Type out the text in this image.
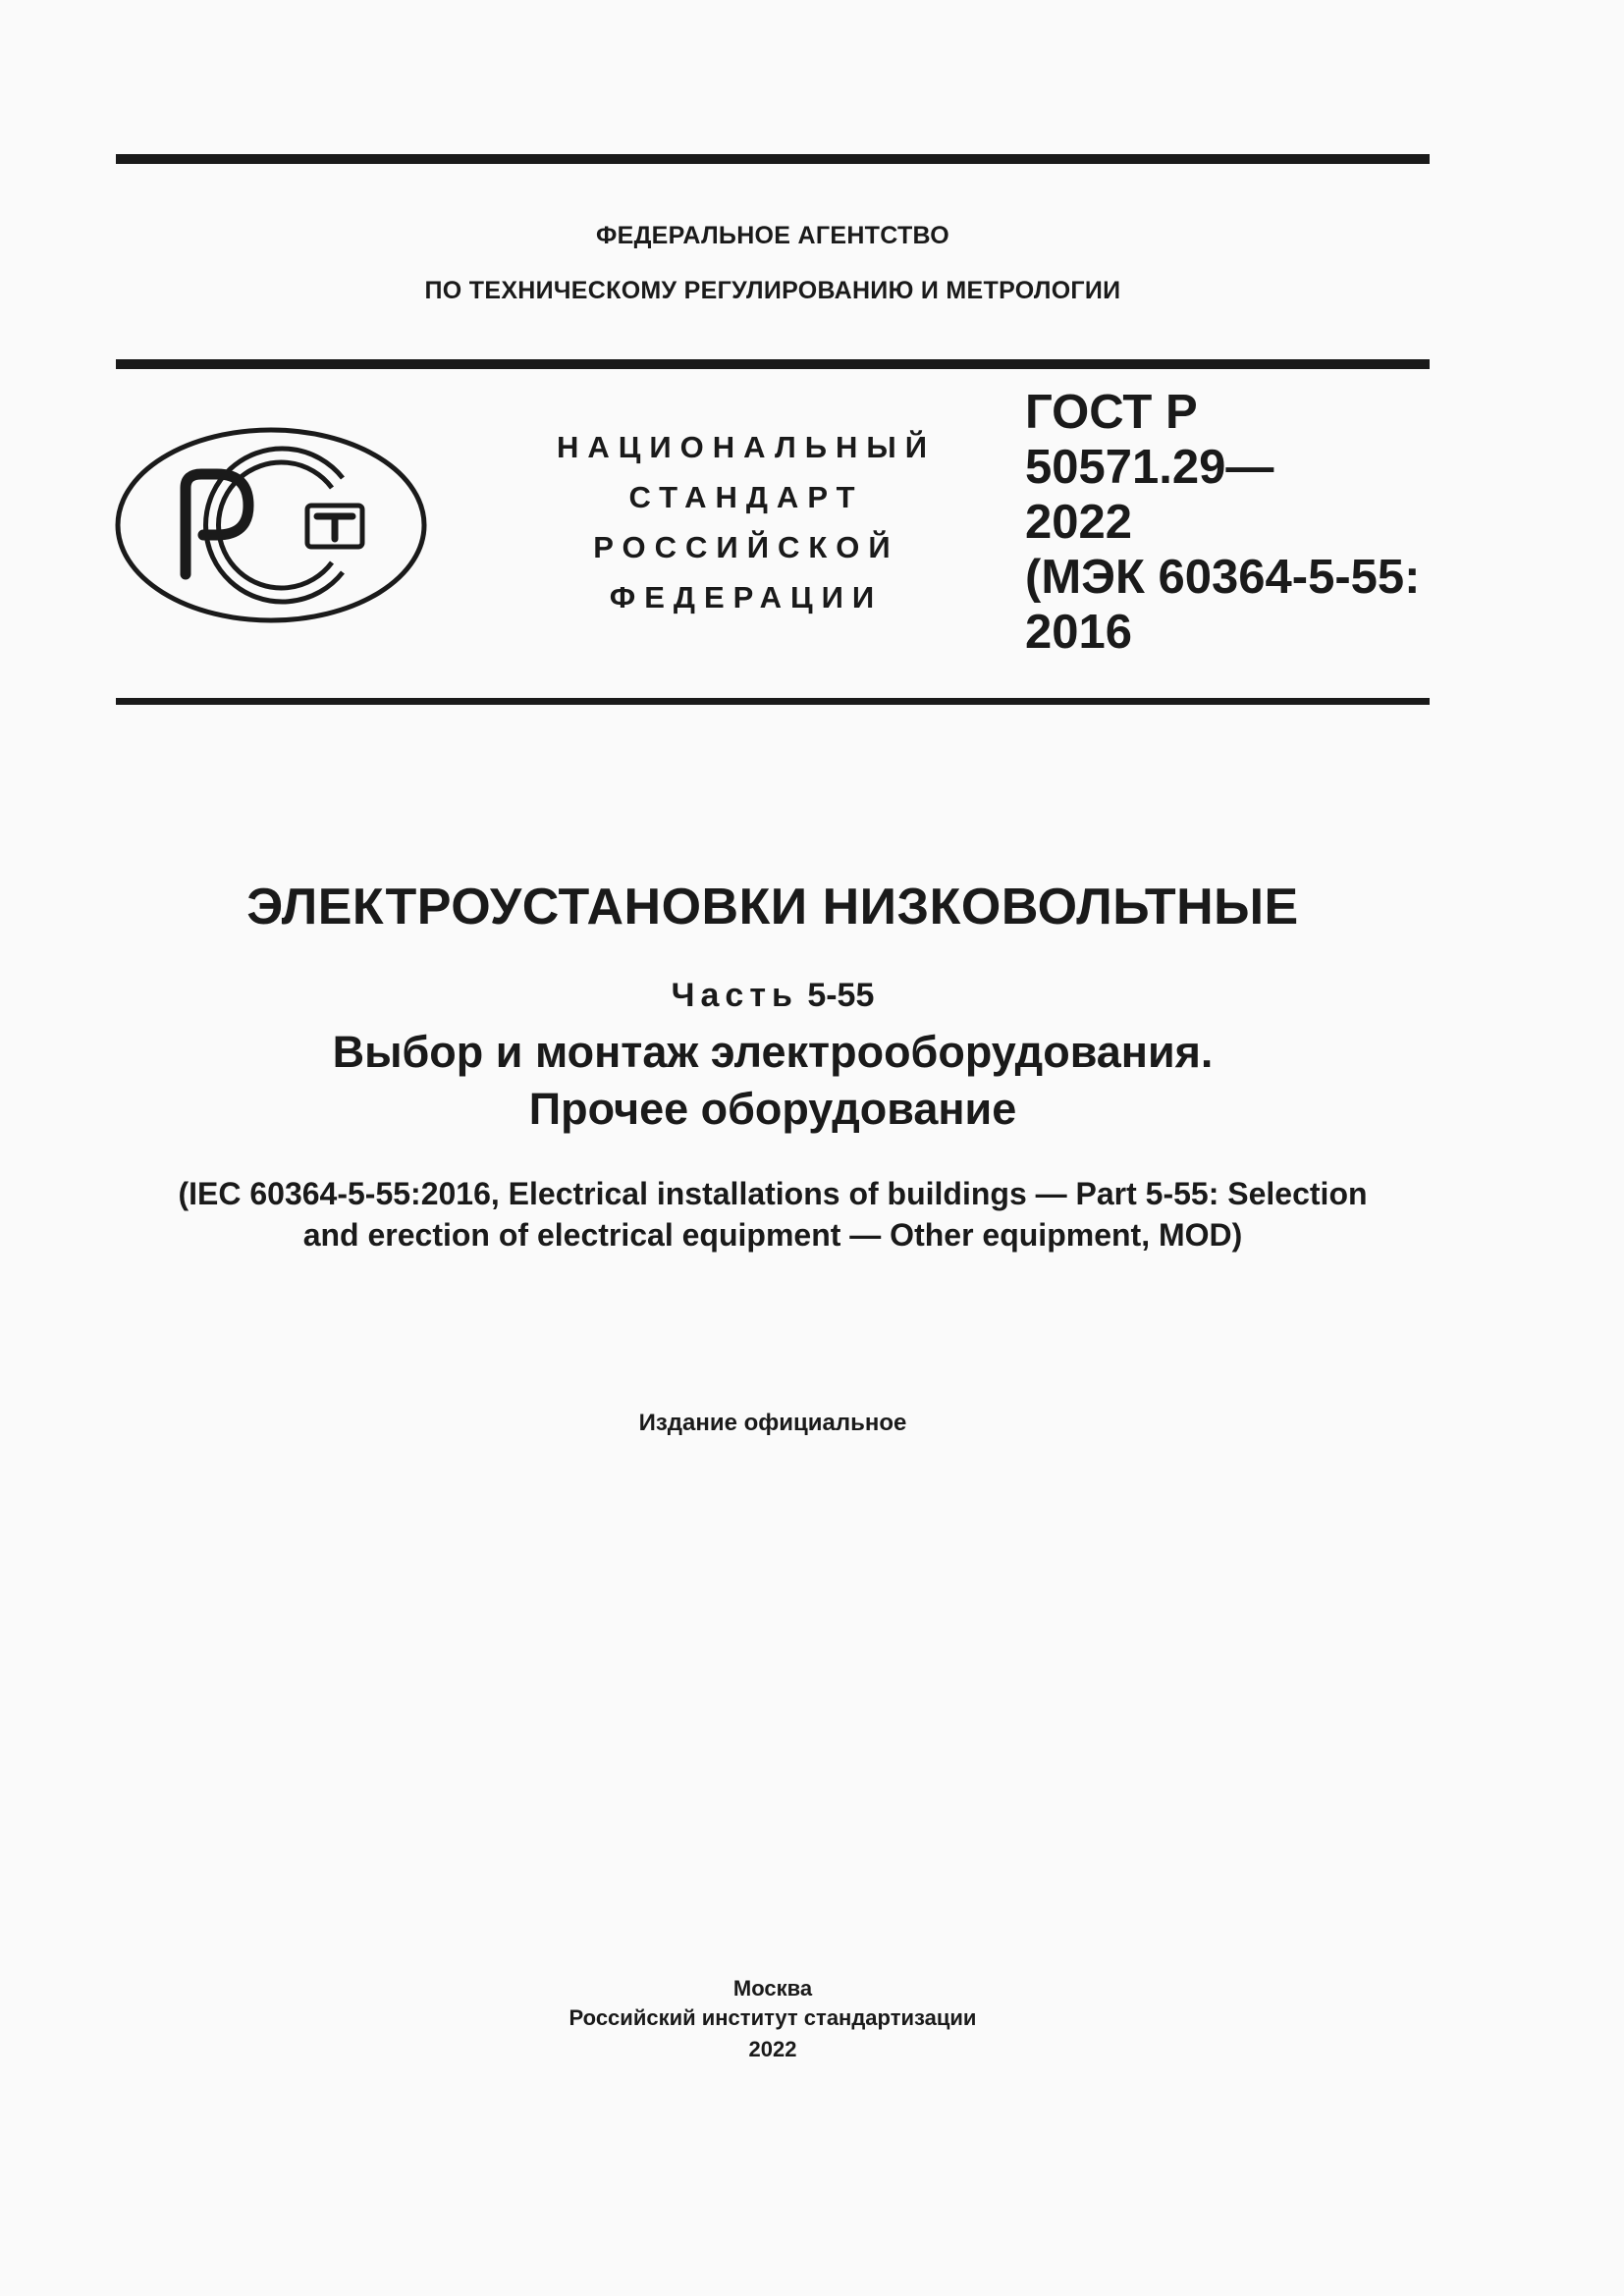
ФЕДЕРАЛЬНОЕ АГЕНТСТВО
ПО ТЕХНИЧЕСКОМУ РЕГУЛИРОВАНИЮ И МЕТРОЛОГИИ
НАЦИОНАЛЬНЫЙ
СТАНДАРТ
РОССИЙСКОЙ
ФЕДЕРАЦИИ
ГОСТ Р
50571.29—
2022
(МЭК 60364-5-55:
2016
ЭЛЕКТРОУСТАНОВКИ НИЗКОВОЛЬТНЫЕ
Часть 5-55
Выбор и монтаж электрооборудования.
Прочее оборудование
(IEC 60364-5-55:2016, Electrical installations of buildings — Part 5-55: Selection
and erection of electrical equipment — Other equipment, MOD)
Издание официальное
Москва
Российский институт стандартизации
2022
